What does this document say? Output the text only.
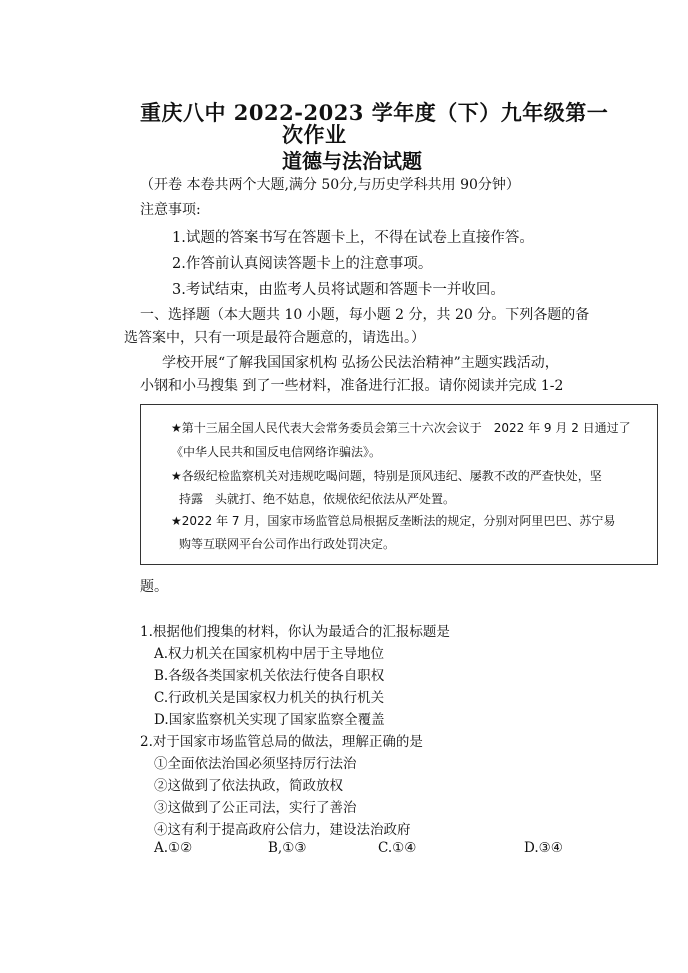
重庆八中 2022-2023 学年度（下）九年级第一
次作业
道德与法治试题
（开卷 本卷共两个大题,满分 50分,与历史学科共用 90分钟）
注意事项:
1.试题的答案书写在答题卡上，不得在试卷上直接作答。
2.作答前认真阅读答题卡上的注意事项。
3.考试结束，由监考人员将试题和答题卡一并收回。
一、选择题（本大题共 10 小题，每小题 2 分，共 20 分。下列各题的备
选答案中，只有一项是最符合题意的，请选出。）
学校开展“了解我国国家机构 弘扬公民法治精神”主题实践活动，
小钢和小马搜集 到了一些材料，准备进行汇报。请你阅读并完成 1-2
★第十三届全国人民代表大会常务委员会第三十六次会议于　2022 年 9 月 2 日通过了
《中华人民共和国反电信网络诈骗法》。
★各级纪检监察机关对违规吃喝问题，特别是顶风违纪、屡教不改的严查快处，坚
持露　头就打、绝不姑息，依规依纪依法从严处置。
★2022 年 7 月，国家市场监管总局根据反垄断法的规定，分别对阿里巴巴、苏宁易
购等互联网平台公司作出行政处罚决定。
题。
1.根据他们搜集的材料，你认为最适合的汇报标题是
A.权力机关在国家机构中居于主导地位
B.各级各类国家机关依法行使各自职权
C.行政机关是国家权力机关的执行机关
D.国家监察机关实现了国家监察全覆盖
2.对于国家市场监管总局的做法，理解正确的是
①全面依法治国必须坚持厉行法治
②这做到了依法执政，简政放权
③这做到了公正司法，实行了善治
④这有利于提高政府公信力，建设法治政府
A.①②	B,①③	C.①④	D.③④
